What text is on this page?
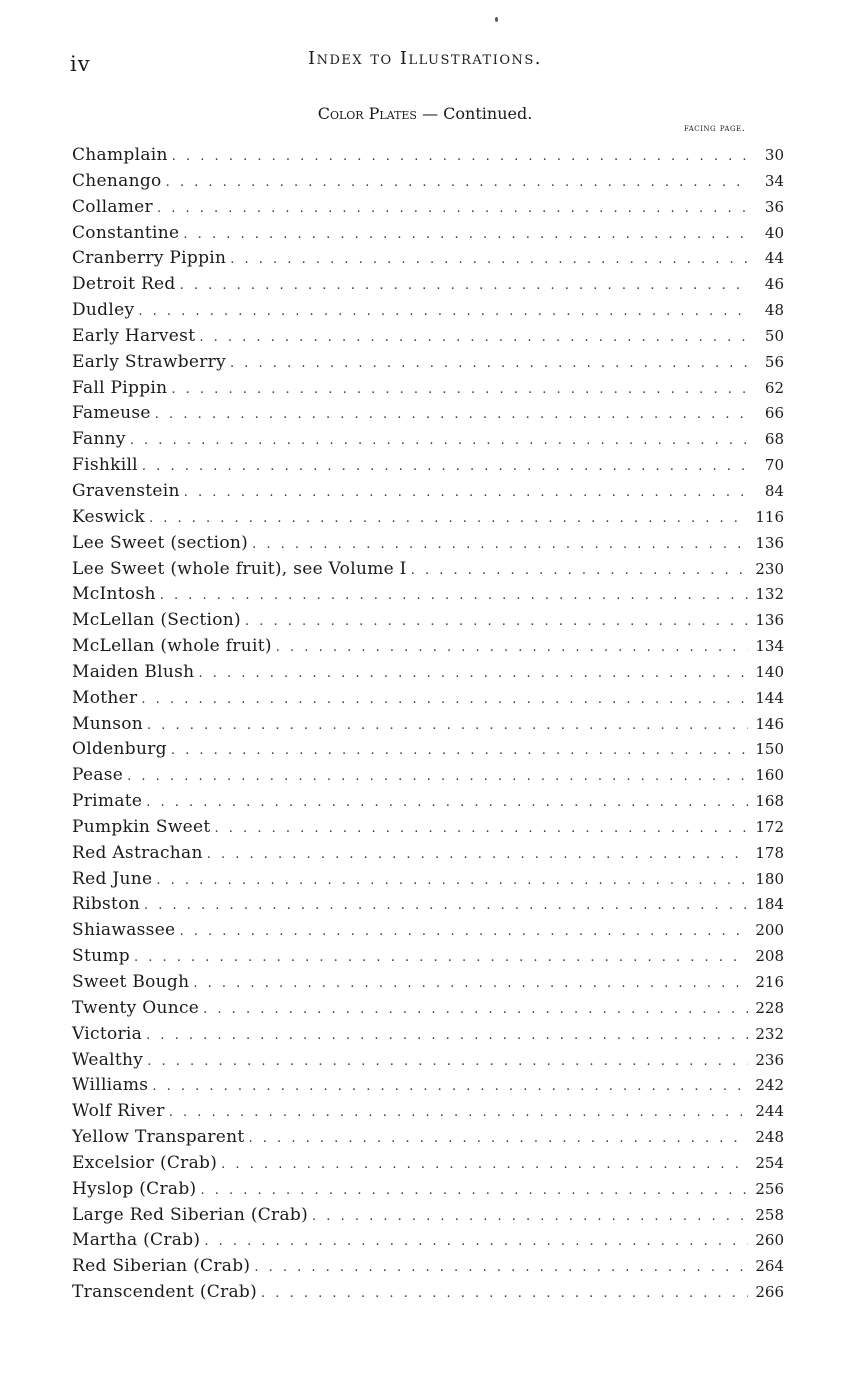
iv	Index to Illustrations.
Color Plates — Continued.
facing page.
Champlain . . .	30
Chenango . . .	34
Collamer . . .	36
Constantine . . .	40
Cranberry Pippin . . .	44
Detroit Red . . .	46
Dudley . . .	48
Early Harvest . . .	50
Early Strawberry . . .	56
Fall Pippin . . .	62
Fameuse . . .	66
Fanny . . .	68
Fishkill . . .	70
Gravenstein . . .	84
Keswick . . .	116
Lee Sweet (section) . . .	136
Lee Sweet (whole fruit), see Volume I . . .	230
McIntosh . . .	132
McLellan (Section) . . .	136
McLellan (whole fruit) . . .	134
Maiden Blush . . .	140
Mother . . .	144
Munson . . .	146
Oldenburg . . .	150
Pease . . .	160
Primate . . .	168
Pumpkin Sweet . . .	172
Red Astrachan . . .	178
Red June . . .	180
Ribston . . .	184
Shiawassee . . .	200
Stump . . .	208
Sweet Bough . . .	216
Twenty Ounce . . .	228
Victoria . . .	232
Wealthy . . .	236
Williams . . .	242
Wolf River . . .	244
Yellow Transparent . . .	248
Excelsior (Crab) . . .	254
Hyslop (Crab) . . .	256
Large Red Siberian (Crab) . . .	258
Martha (Crab) . . .	260
Red Siberian (Crab) . . .	264
Transcendent (Crab) . . .	266
